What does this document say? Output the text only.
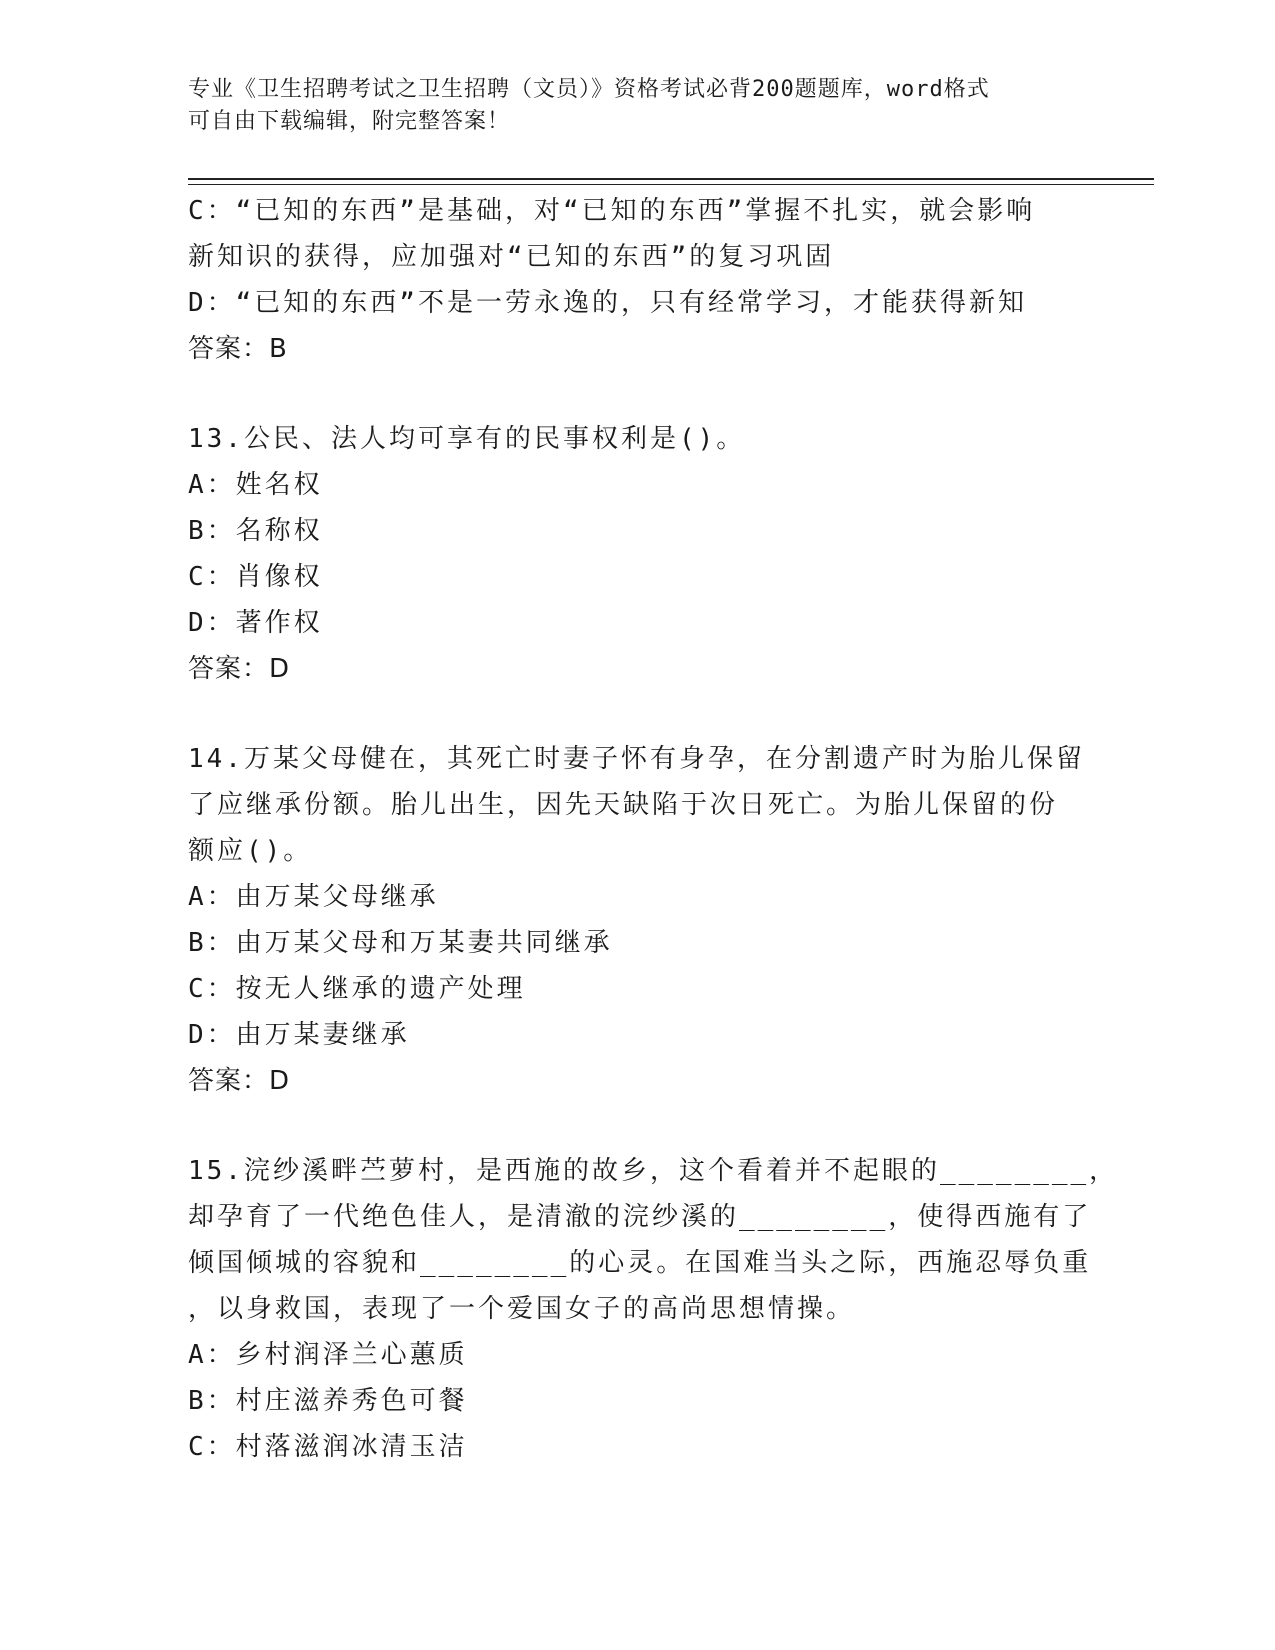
专业《卫生招聘考试之卫生招聘（文员）》资格考试必背200题题库，word格式
可自由下载编辑，附完整答案！
C：“已知的东西”是基础，对“已知的东西”掌握不扎实，就会影响
新知识的获得，应加强对“已知的东西”的复习巩固
D：“已知的东西”不是一劳永逸的，只有经常学习，才能获得新知
答案：B
13.公民、法人均可享有的民事权利是()。
A：姓名权
B：名称权
C：肖像权
D：著作权
答案：D
14.万某父母健在，其死亡时妻子怀有身孕，在分割遗产时为胎儿保留
了应继承份额。胎儿出生，因先天缺陷于次日死亡。为胎儿保留的份
额应()。
A：由万某父母继承
B：由万某父母和万某妻共同继承
C：按无人继承的遗产处理
D：由万某妻继承
答案：D
15.浣纱溪畔苎萝村，是西施的故乡，这个看着并不起眼的________，
却孕育了一代绝色佳人，是清澈的浣纱溪的________，使得西施有了
倾国倾城的容貌和________的心灵。在国难当头之际，西施忍辱负重
，以身救国，表现了一个爱国女子的高尚思想情操。
A：乡村润泽兰心蕙质
B：村庄滋养秀色可餐
C：村落滋润冰清玉洁
